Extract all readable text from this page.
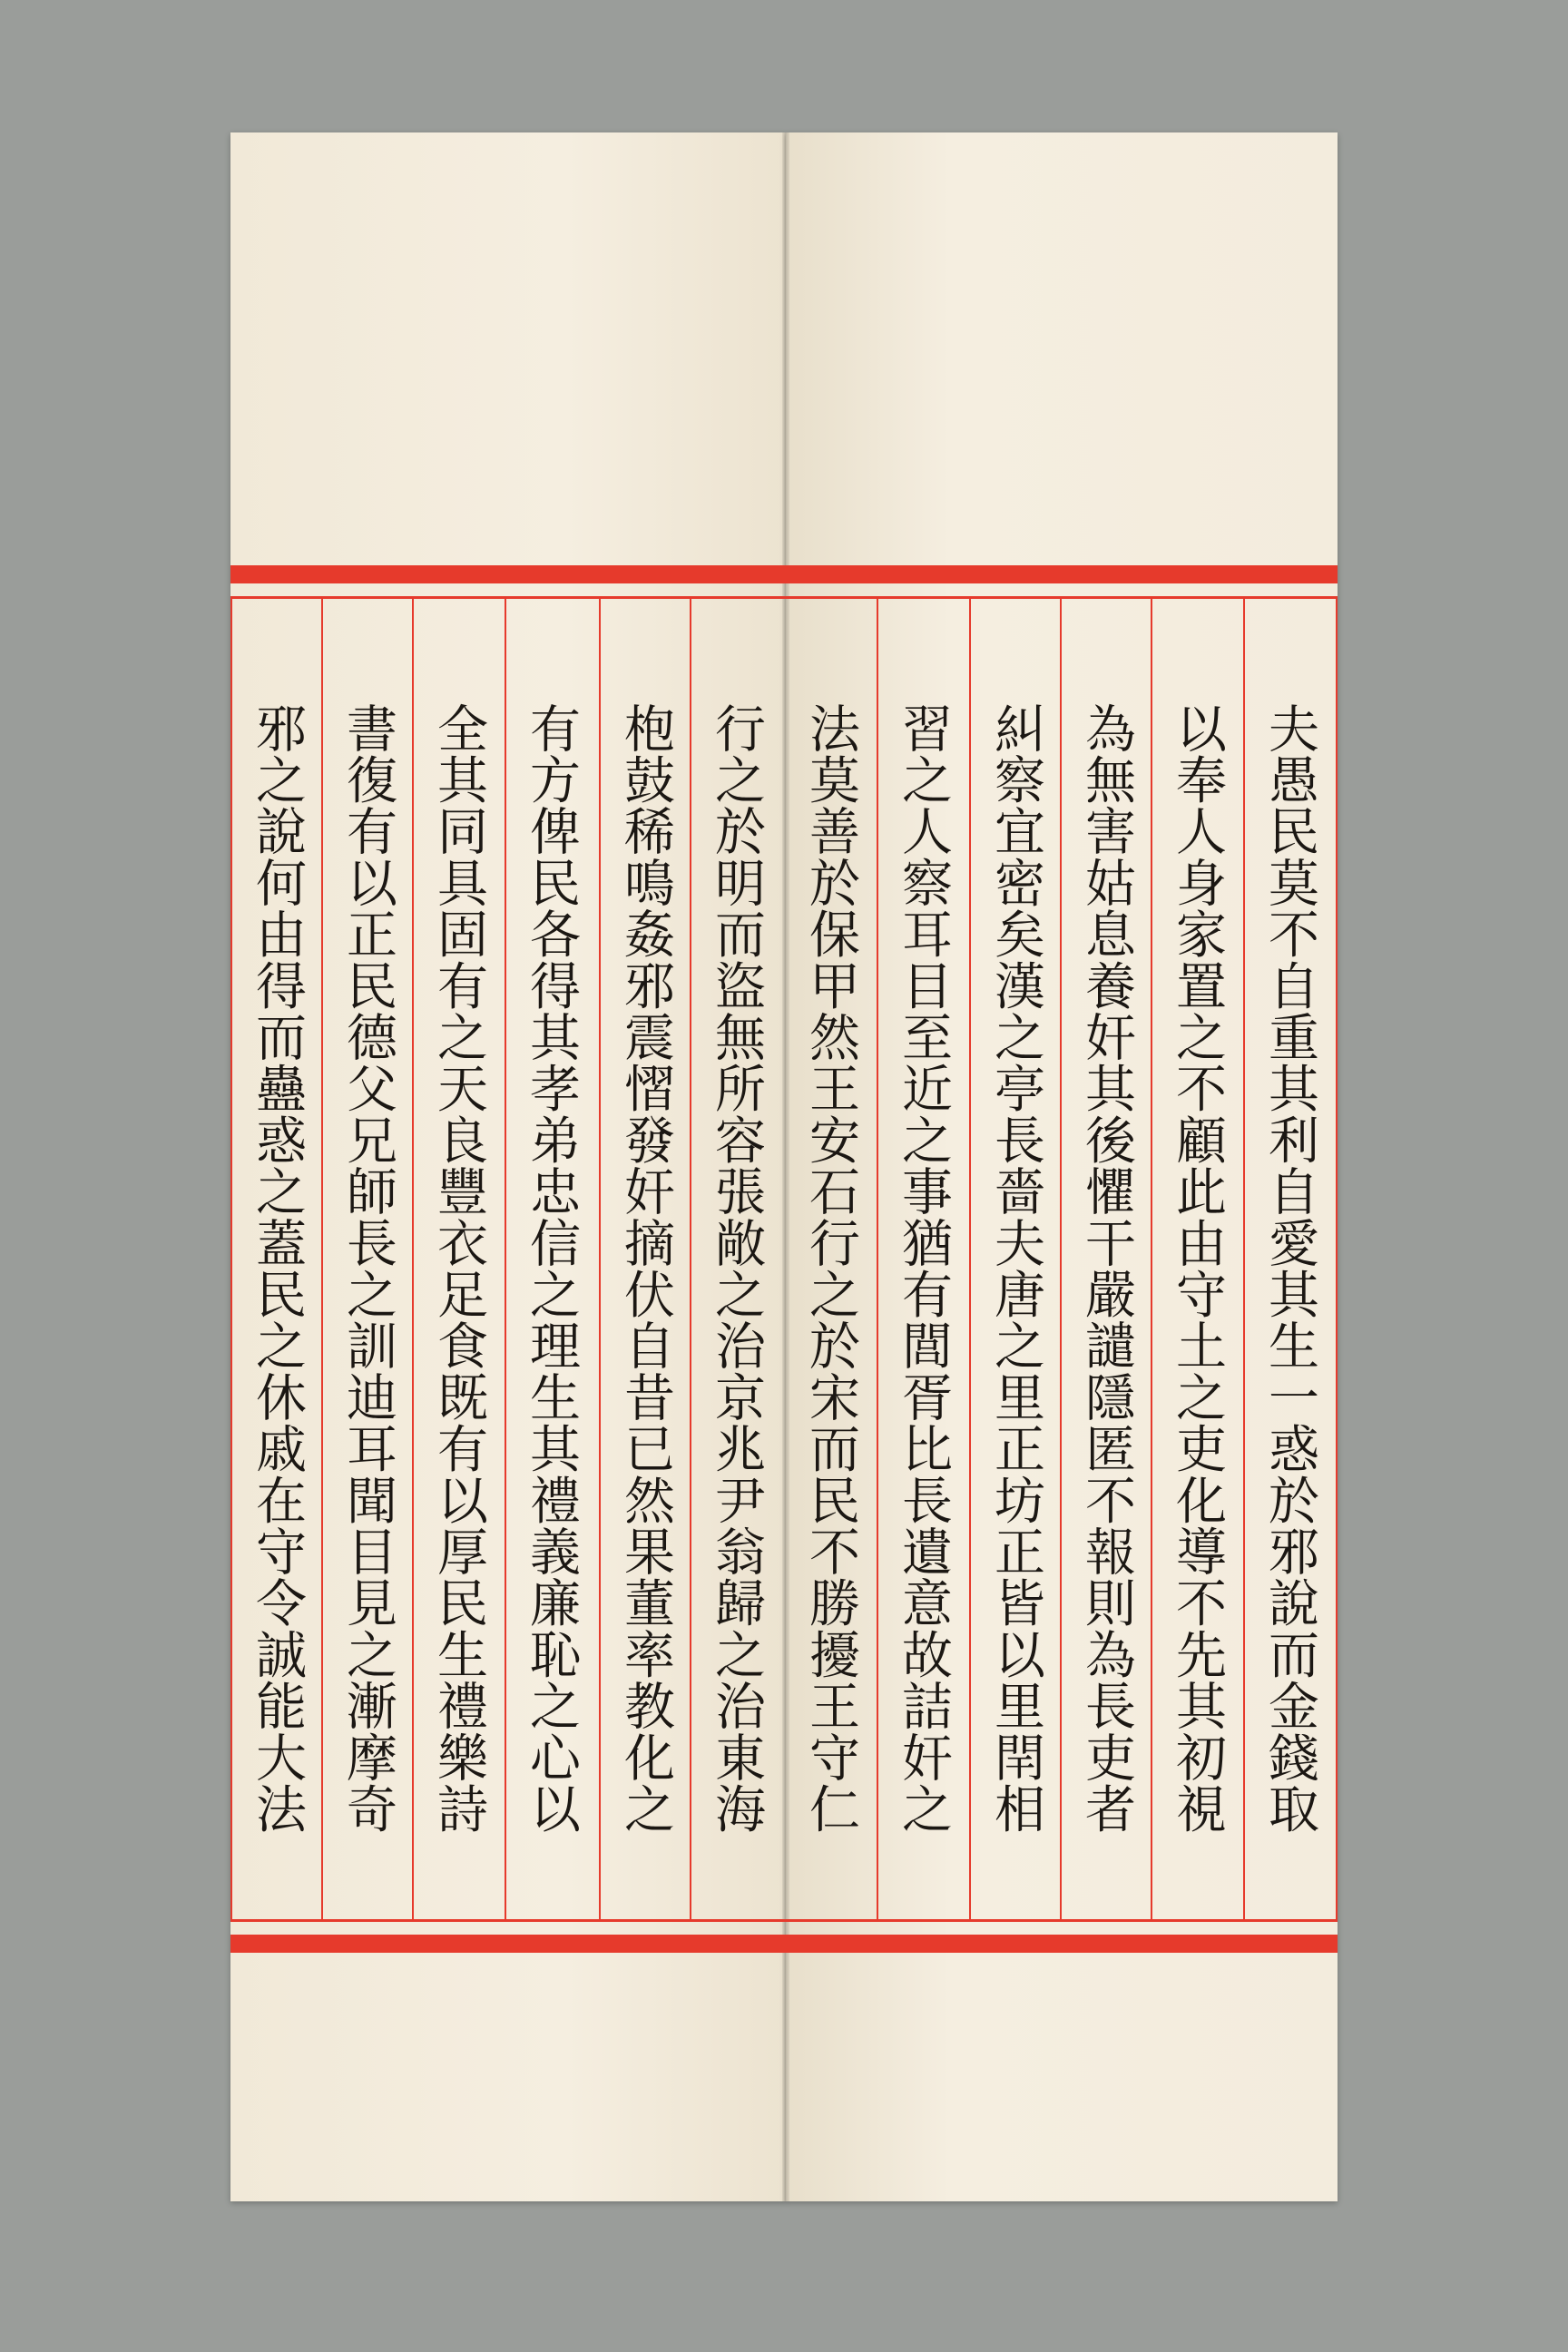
夫愚民莫不自重其利自愛其生一惑於邪說而金錢取
以奉人身家置之不顧此由守土之吏化導不先其初視
為無害姑息養奸其後懼干嚴譴隱匿不報則為長吏者
糾察宜密矣漢之亭長嗇夫唐之里正坊正皆以里閈相
習之人察耳目至近之事猶有閭胥比長遺意故詰奸之
法莫善於保甲然王安石行之於宋而民不勝擾王守仁
行之於明而盜無所容張敞之治京兆尹翁歸之治東海
枹鼓稀鳴姦邪震慴發奸摘伏自昔已然果董率教化之
有方俾民各得其孝弟忠信之理生其禮義廉恥之心以
全其同具固有之天良豐衣足食既有以厚民生禮樂詩
書復有以正民德父兄師長之訓迪耳聞目見之漸摩奇
邪之說何由得而蠱惑之蓋民之休戚在守令誠能大法
